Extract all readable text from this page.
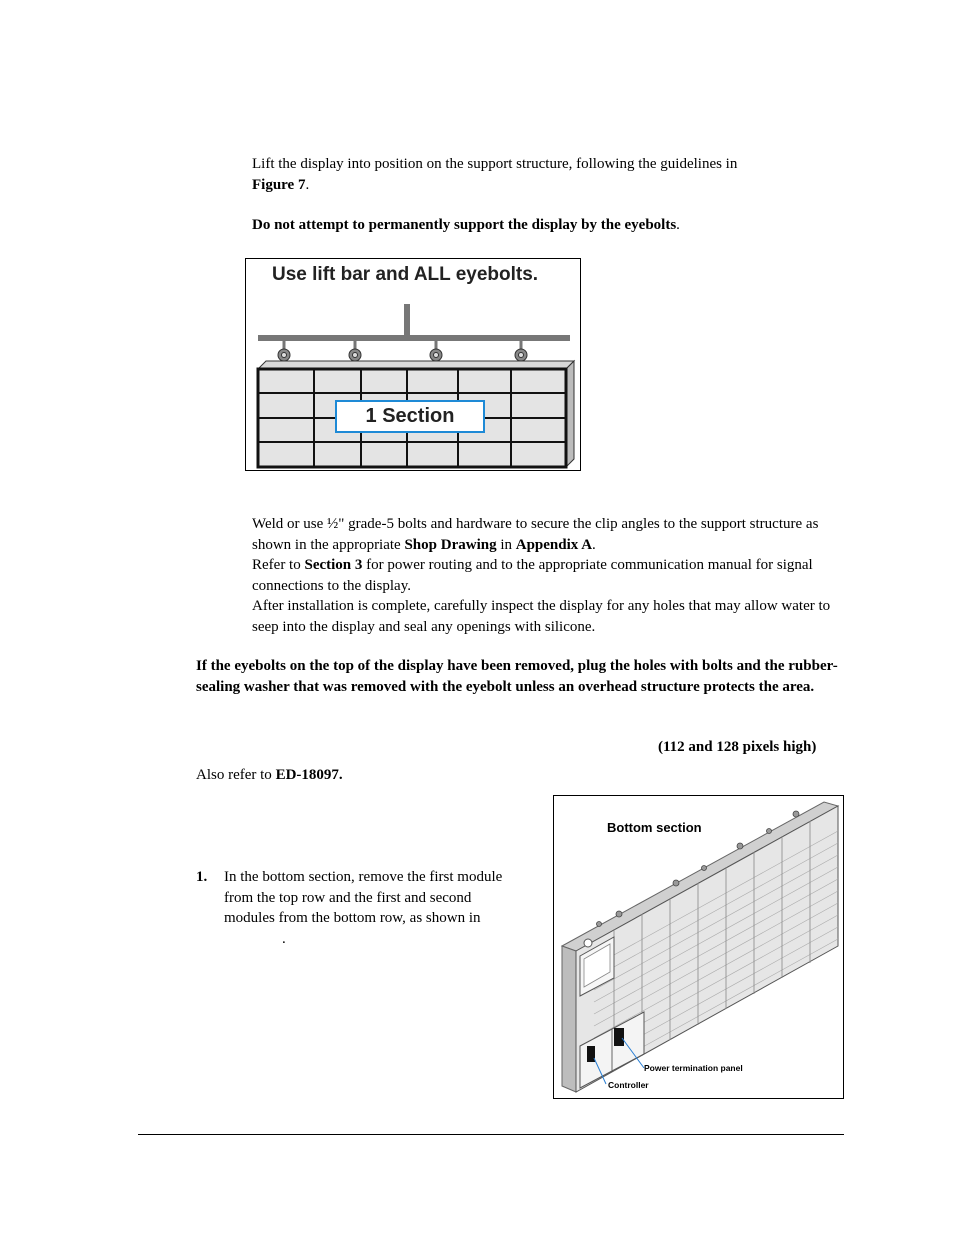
Lift the display into position on the support structure, following the guidelines in
Figure 7.
Do not attempt to permanently support the display by the eyebolts.
Use lift bar and ALL eyebolts.
1 Section
Weld or use ½" grade-5 bolts and hardware to secure the clip angles to the support structure as shown in the appropriate Shop Drawing in Appendix A.
Refer to Section 3 for power routing and to the appropriate communication manual for signal connections to the display.
After installation is complete, carefully inspect the display for any holes that may allow water to seep into the display and seal any openings with silicone.
If the eyebolts on the top of the display have been removed, plug the holes with bolts and the rubber-sealing washer that was removed with the eyebolt unless an overhead structure protects the area.
(112 and 128 pixels high)
Also refer to ED-18097.
1. In the bottom section, remove the first module from the top row and the first and second modules from the bottom row, as shown in.
Bottom section
Power termination panel
Controller
